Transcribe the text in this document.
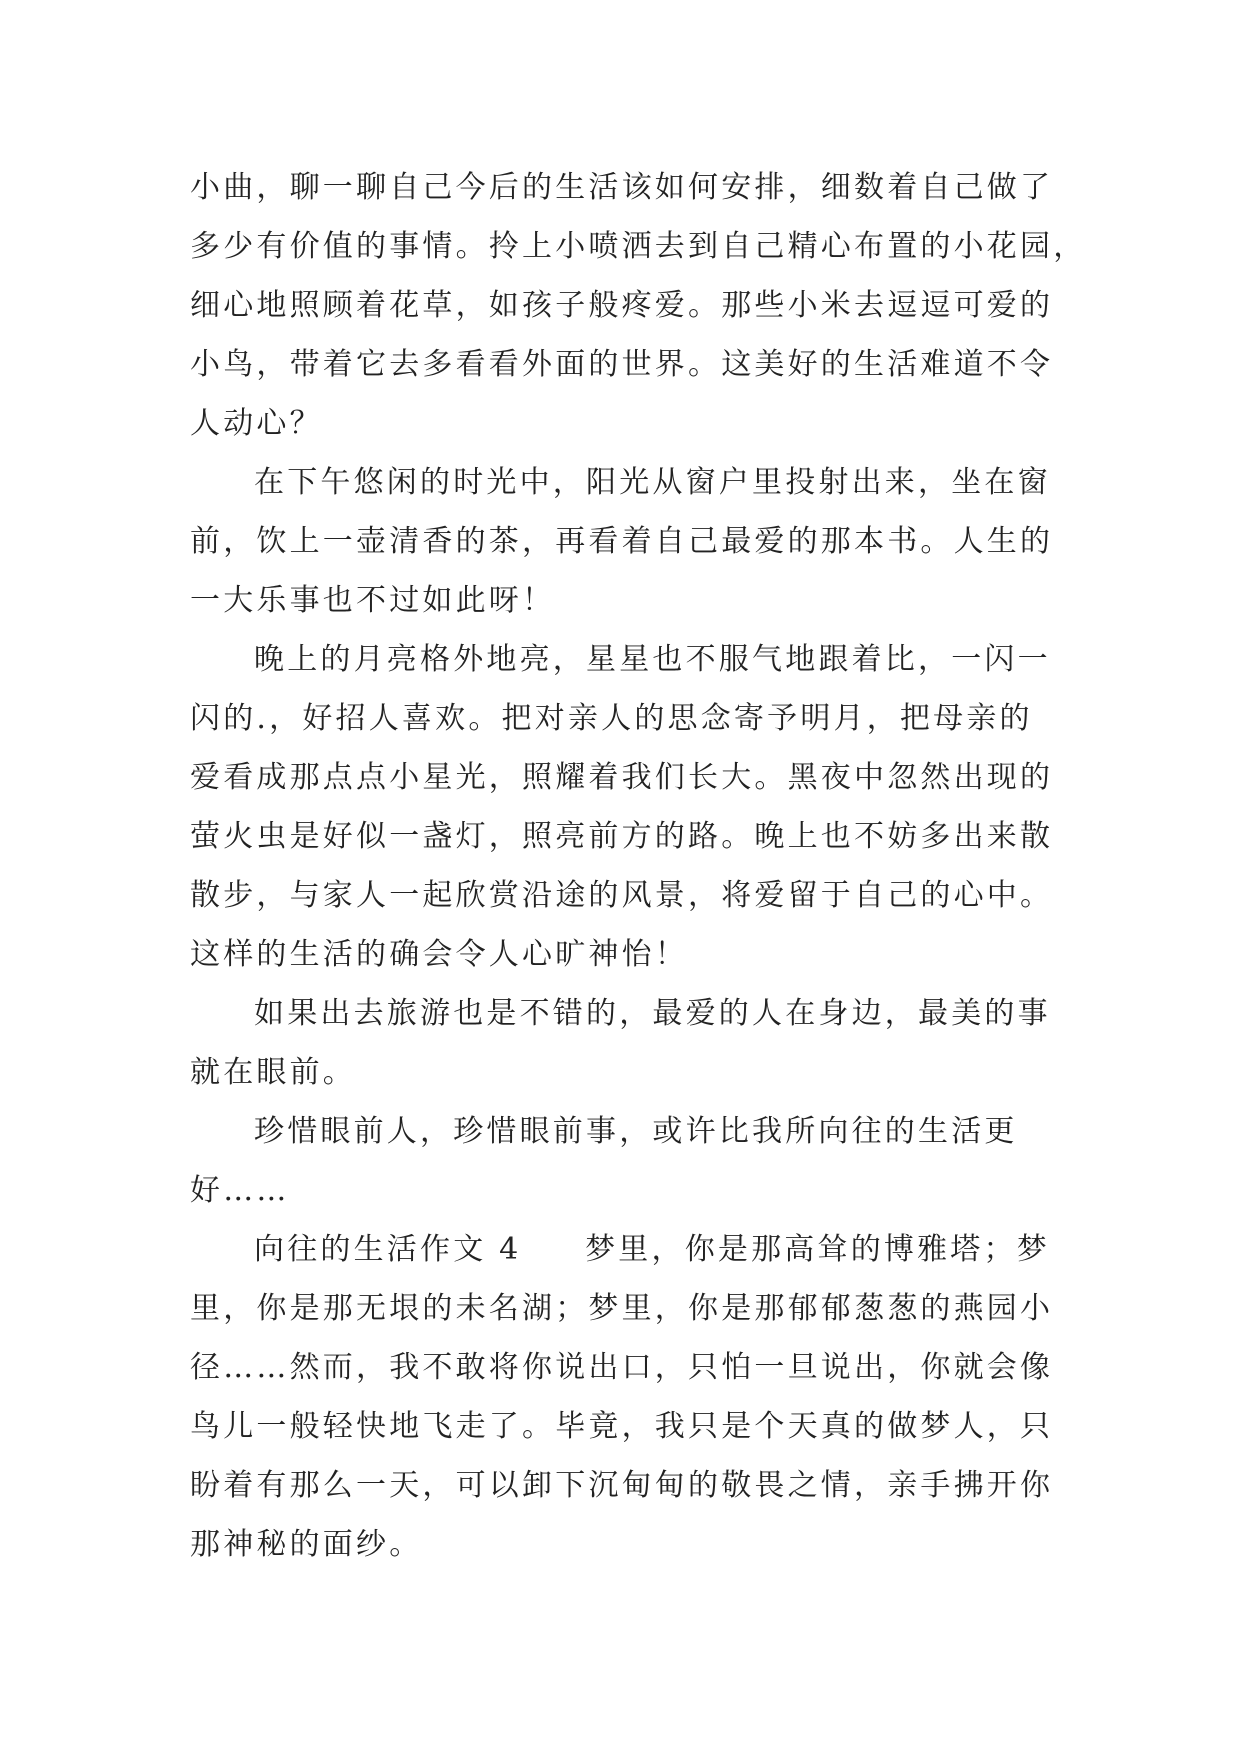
小曲，聊一聊自己今后的生活该如何安排，细数着自己做了
多少有价值的事情。拎上小喷洒去到自己精心布置的小花园，
细心地照顾着花草，如孩子般疼爱。那些小米去逗逗可爱的
小鸟，带着它去多看看外面的世界。这美好的生活难道不令
人动心？
在下午悠闲的时光中，阳光从窗户里投射出来，坐在窗
前，饮上一壶清香的茶，再看着自己最爱的那本书。人生的
一大乐事也不过如此呀！
晚上的月亮格外地亮，星星也不服气地跟着比，一闪一
闪的.，好招人喜欢。把对亲人的思念寄予明月，把母亲的
爱看成那点点小星光，照耀着我们长大。黑夜中忽然出现的
萤火虫是好似一盏灯，照亮前方的路。晚上也不妨多出来散
散步，与家人一起欣赏沿途的风景，将爱留于自己的心中。
这样的生活的确会令人心旷神怡！
如果出去旅游也是不错的，最爱的人在身边，最美的事
就在眼前。
珍惜眼前人，珍惜眼前事，或许比我所向往的生活更
好……
向往的生活作文 4     梦里，你是那高耸的博雅塔；梦
里，你是那无垠的未名湖；梦里，你是那郁郁葱葱的燕园小
径……然而，我不敢将你说出口，只怕一旦说出，你就会像
鸟儿一般轻快地飞走了。毕竟，我只是个天真的做梦人，只
盼着有那么一天，可以卸下沉甸甸的敬畏之情，亲手拂开你
那神秘的面纱。
